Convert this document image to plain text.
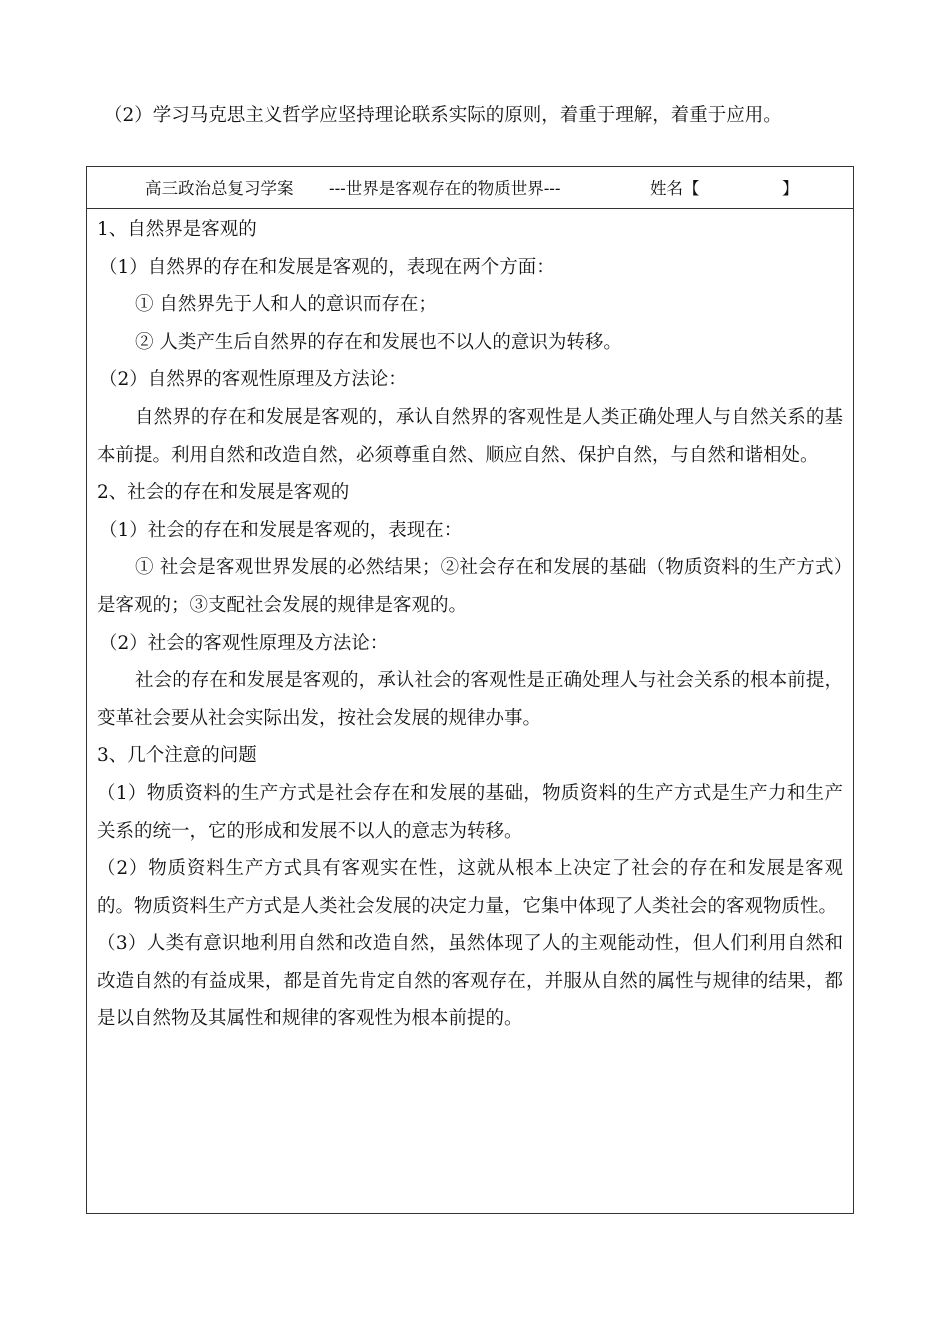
（2）学习马克思主义哲学应坚持理论联系实际的原则，着重于理解，着重于应用。
高三政治总复习学案 ---世界是客观存在的物质世界---	姓名【　　　　　】

1、自然界是客观的

（1）自然界的存在和发展是客观的，表现在两个方面：

① 自然界先于人和人的意识而存在；

② 人类产生后自然界的存在和发展也不以人的意识为转移。

（2）自然界的客观性原理及方法论：

自然界的存在和发展是客观的，承认自然界的客观性是人类正确处理人与自然关系的基本前提。利用自然和改造自然，必须尊重自然、顺应自然、保护自然，与自然和谐相处。

2、社会的存在和发展是客观的

（1）社会的存在和发展是客观的，表现在：

① 社会是客观世界发展的必然结果；②社会存在和发展的基础（物质资料的生产方式）是客观的；③支配社会发展的规律是客观的。

（2）社会的客观性原理及方法论：

社会的存在和发展是客观的，承认社会的客观性是正确处理人与社会关系的根本前提，变革社会要从社会实际出发，按社会发展的规律办事。

3、几个注意的问题

（1）物质资料的生产方式是社会存在和发展的基础，物质资料的生产方式是生产力和生产关系的统一，它的形成和发展不以人的意志为转移。

（2）物质资料生产方式具有客观实在性，这就从根本上决定了社会的存在和发展是客观的。物质资料生产方式是人类社会发展的决定力量，它集中体现了人类社会的客观物质性。

（3）人类有意识地利用自然和改造自然，虽然体现了人的主观能动性，但人们利用自然和改造自然的有益成果，都是首先肯定自然的客观存在，并服从自然的属性与规律的结果，都是以自然物及其属性和规律的客观性为根本前提的。
